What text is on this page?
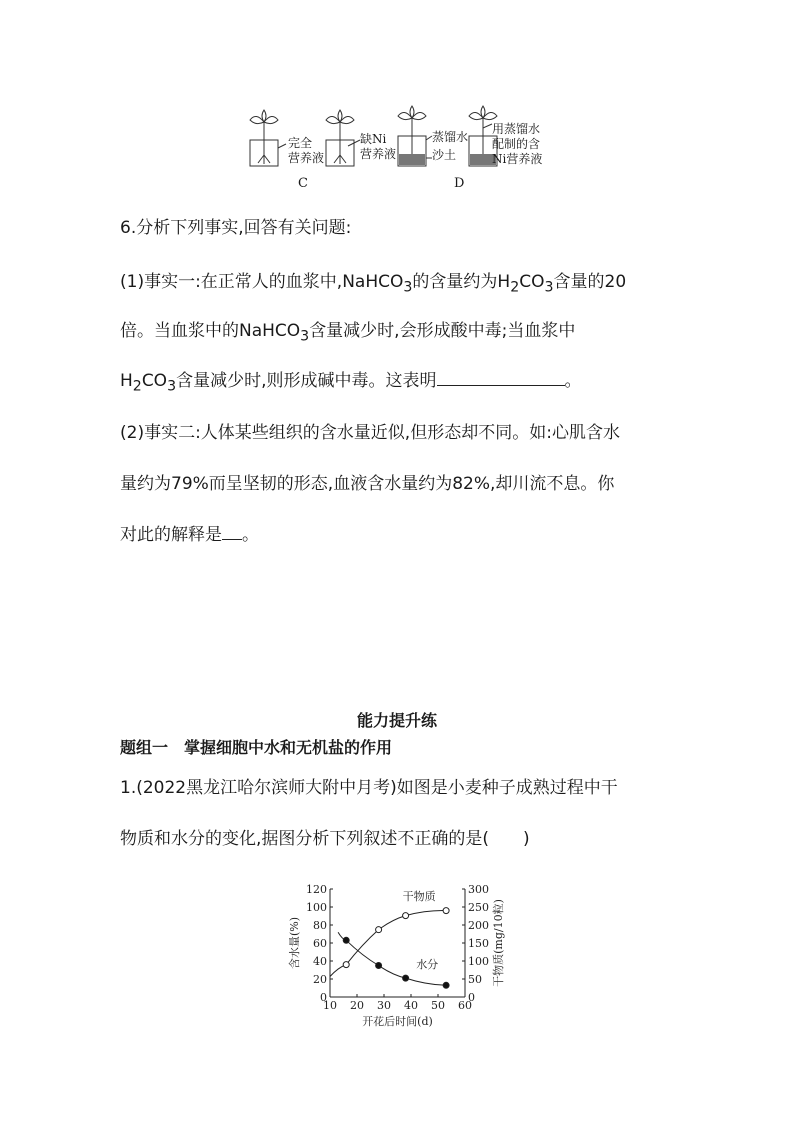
完全
营养液
缺Ni
营养液
蒸馏水
沙土
用蒸馏水
配制的含
Ni营养液
C	D
6.分析下列事实,回答有关问题:
(1)事实一:在正常人的血浆中,NaHCO$_3$的含量约为$H_2CO_3$含量的20
倍。当血浆中的NaHCO$_3$含量减少时,会形成酸中毒;当血浆中
$H_2CO_3$含量减少时,则形成碱中毒。这表明	。
(2)事实二:人体某些组织的含水量近似,但形态却不同。如:心肌含水
量约为79%而呈坚韧的形态,血液含水量约为82%,却川流不息。你
对此的解释是 。
能力提升练
题组一　掌握细胞中水和无机盐的作用
1.(2022黑龙江哈尔滨师大附中月考)如图是小麦种子成熟过程中干
物质和水分的变化,据图分析下列叙述不正确的是(　　)
10 20 30 40 50 60
0
20
40
60
80
100
120
0
50
100
150
200
250
300
开花后时间(d)
含水量(%)	干物质(mg/10粒)
干物质
水分
